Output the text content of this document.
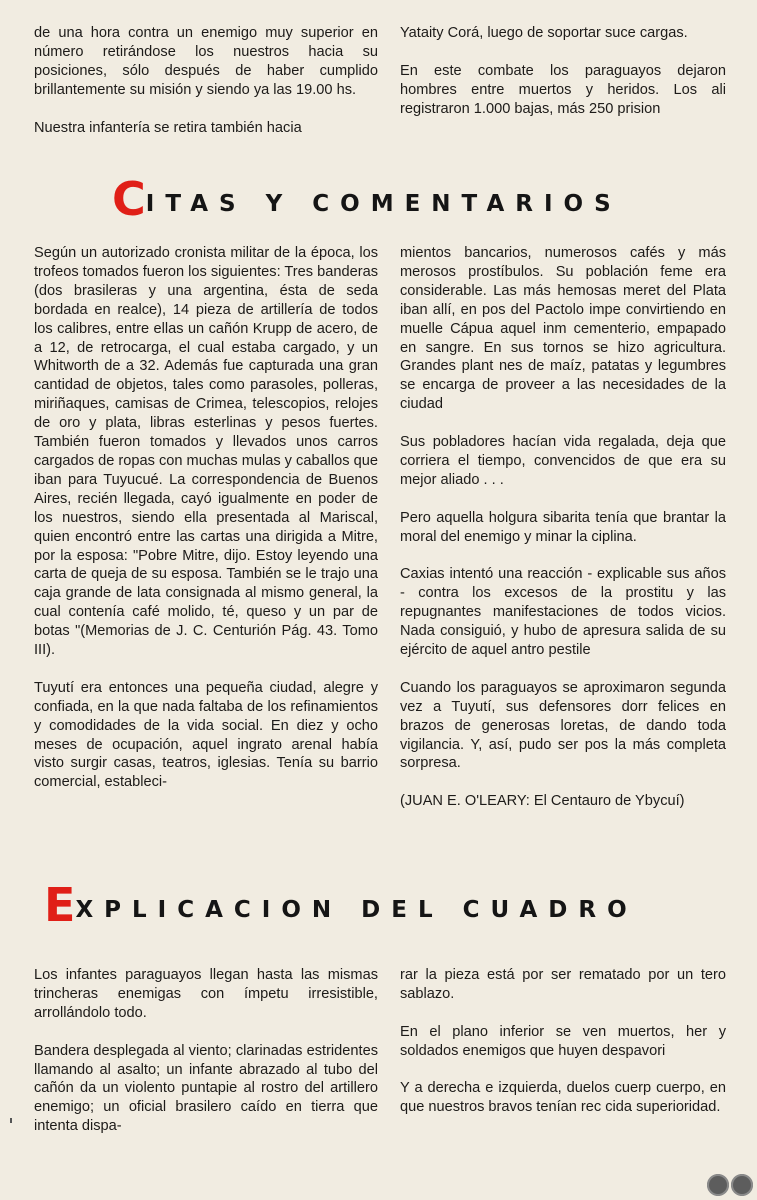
de una hora contra un enemigo muy superior en número retirándose los nuestros hacia su posiciones, sólo después de haber cumplido brillantemente su misión y siendo ya las 19.00 hs.

Nuestra infantería se retira también hacia

Yataity Corá, luego de soportar suce cargas.

En este combate los paraguayos dejaron hombres entre muertos y heridos. Los ali registraron 1.000 bajas, más 250 prision

CITAS Y COMENTARIOS

Según un autorizado cronista militar de la época, los trofeos tomados fueron los siguientes: Tres banderas (dos brasileras y una argentina, ésta de seda bordada en realce), 14 pieza de artillería de todos los calibres, entre ellas un cañón Krupp de acero, de a 12, de retrocarga, el cual estaba cargado, y un Whitworth de a 32. Además fue capturada una gran cantidad de objetos, tales como parasoles, polleras, miriñaques, camisas de Crimea, telescopios, relojes de oro y plata, libras esterlinas y pesos fuertes. También fueron tomados y llevados unos carros cargados de ropas con muchas mulas y caballos que iban para Tuyucué. La correspondencia de Buenos Aires, recién llegada, cayó igualmente en poder de los nuestros, siendo ella presentada al Mariscal, quien encontró entre las cartas una dirigida a Mitre, por la esposa: "Pobre Mitre, dijo. Estoy leyendo una carta de queja de su esposa. También se le trajo una caja grande de lata consignada al mismo general, la cual contenía café molido, té, queso y un par de botas "(Memorias de J. C. Centurión Pág. 43. Tomo III).

Tuyutí era entonces una pequeña ciudad, alegre y confiada, en la que nada faltaba de los refinamientos y comodidades de la vida social. En diez y ocho meses de ocupación, aquel ingrato arenal había visto surgir casas, teatros, iglesias. Tenía su barrio comercial, estableci-

mientos bancarios, numerosos cafés y más merosos prostíbulos. Su población feme era considerable. Las más hemosas meret del Plata iban allí, en pos del Pactolo impe convirtiendo en muelle Cápua aquel inm cementerio, empapado en sangre. En sus tornos se hizo agricultura. Grandes plant nes de maíz, patatas y legumbres se encarga de proveer a las necesidades de la ciudad

Sus pobladores hacían vida regalada, deja que corriera el tiempo, convencidos de que era su mejor aliado . . .

Pero aquella holgura sibarita tenía que brantar la moral del enemigo y minar la ciplina.

Caxias intentó una reacción - explicable sus años - contra los excesos de la prostitu y las repugnantes manifestaciones de todos vicios. Nada consiguió, y hubo de apresura salida de su ejército de aquel antro pestile

Cuando los paraguayos se aproximaron segunda vez a Tuyutí, sus defensores dorr felices en brazos de generosas loretas, de dando toda vigilancia. Y, así, pudo ser pos la más completa sorpresa.

(JUAN E. O'LEARY: El Centauro de Ybycuí)

EXPLICACION DEL CUADRO

Los infantes paraguayos llegan hasta las mismas trincheras enemigas con ímpetu irresistible, arrollándolo todo.

Bandera desplegada al viento; clarinadas estridentes llamando al asalto; un infante abrazado al tubo del cañón da un violento puntapie al rostro del artillero enemigo; un oficial brasilero caído en tierra que intenta dispa-

rar la pieza está por ser rematado por un tero sablazo.

En el plano inferior se ven muertos, her y soldados enemigos que huyen despavori

Y a derecha e izquierda, duelos cuerp cuerpo, en que nuestros bravos tenían rec cida superioridad.
